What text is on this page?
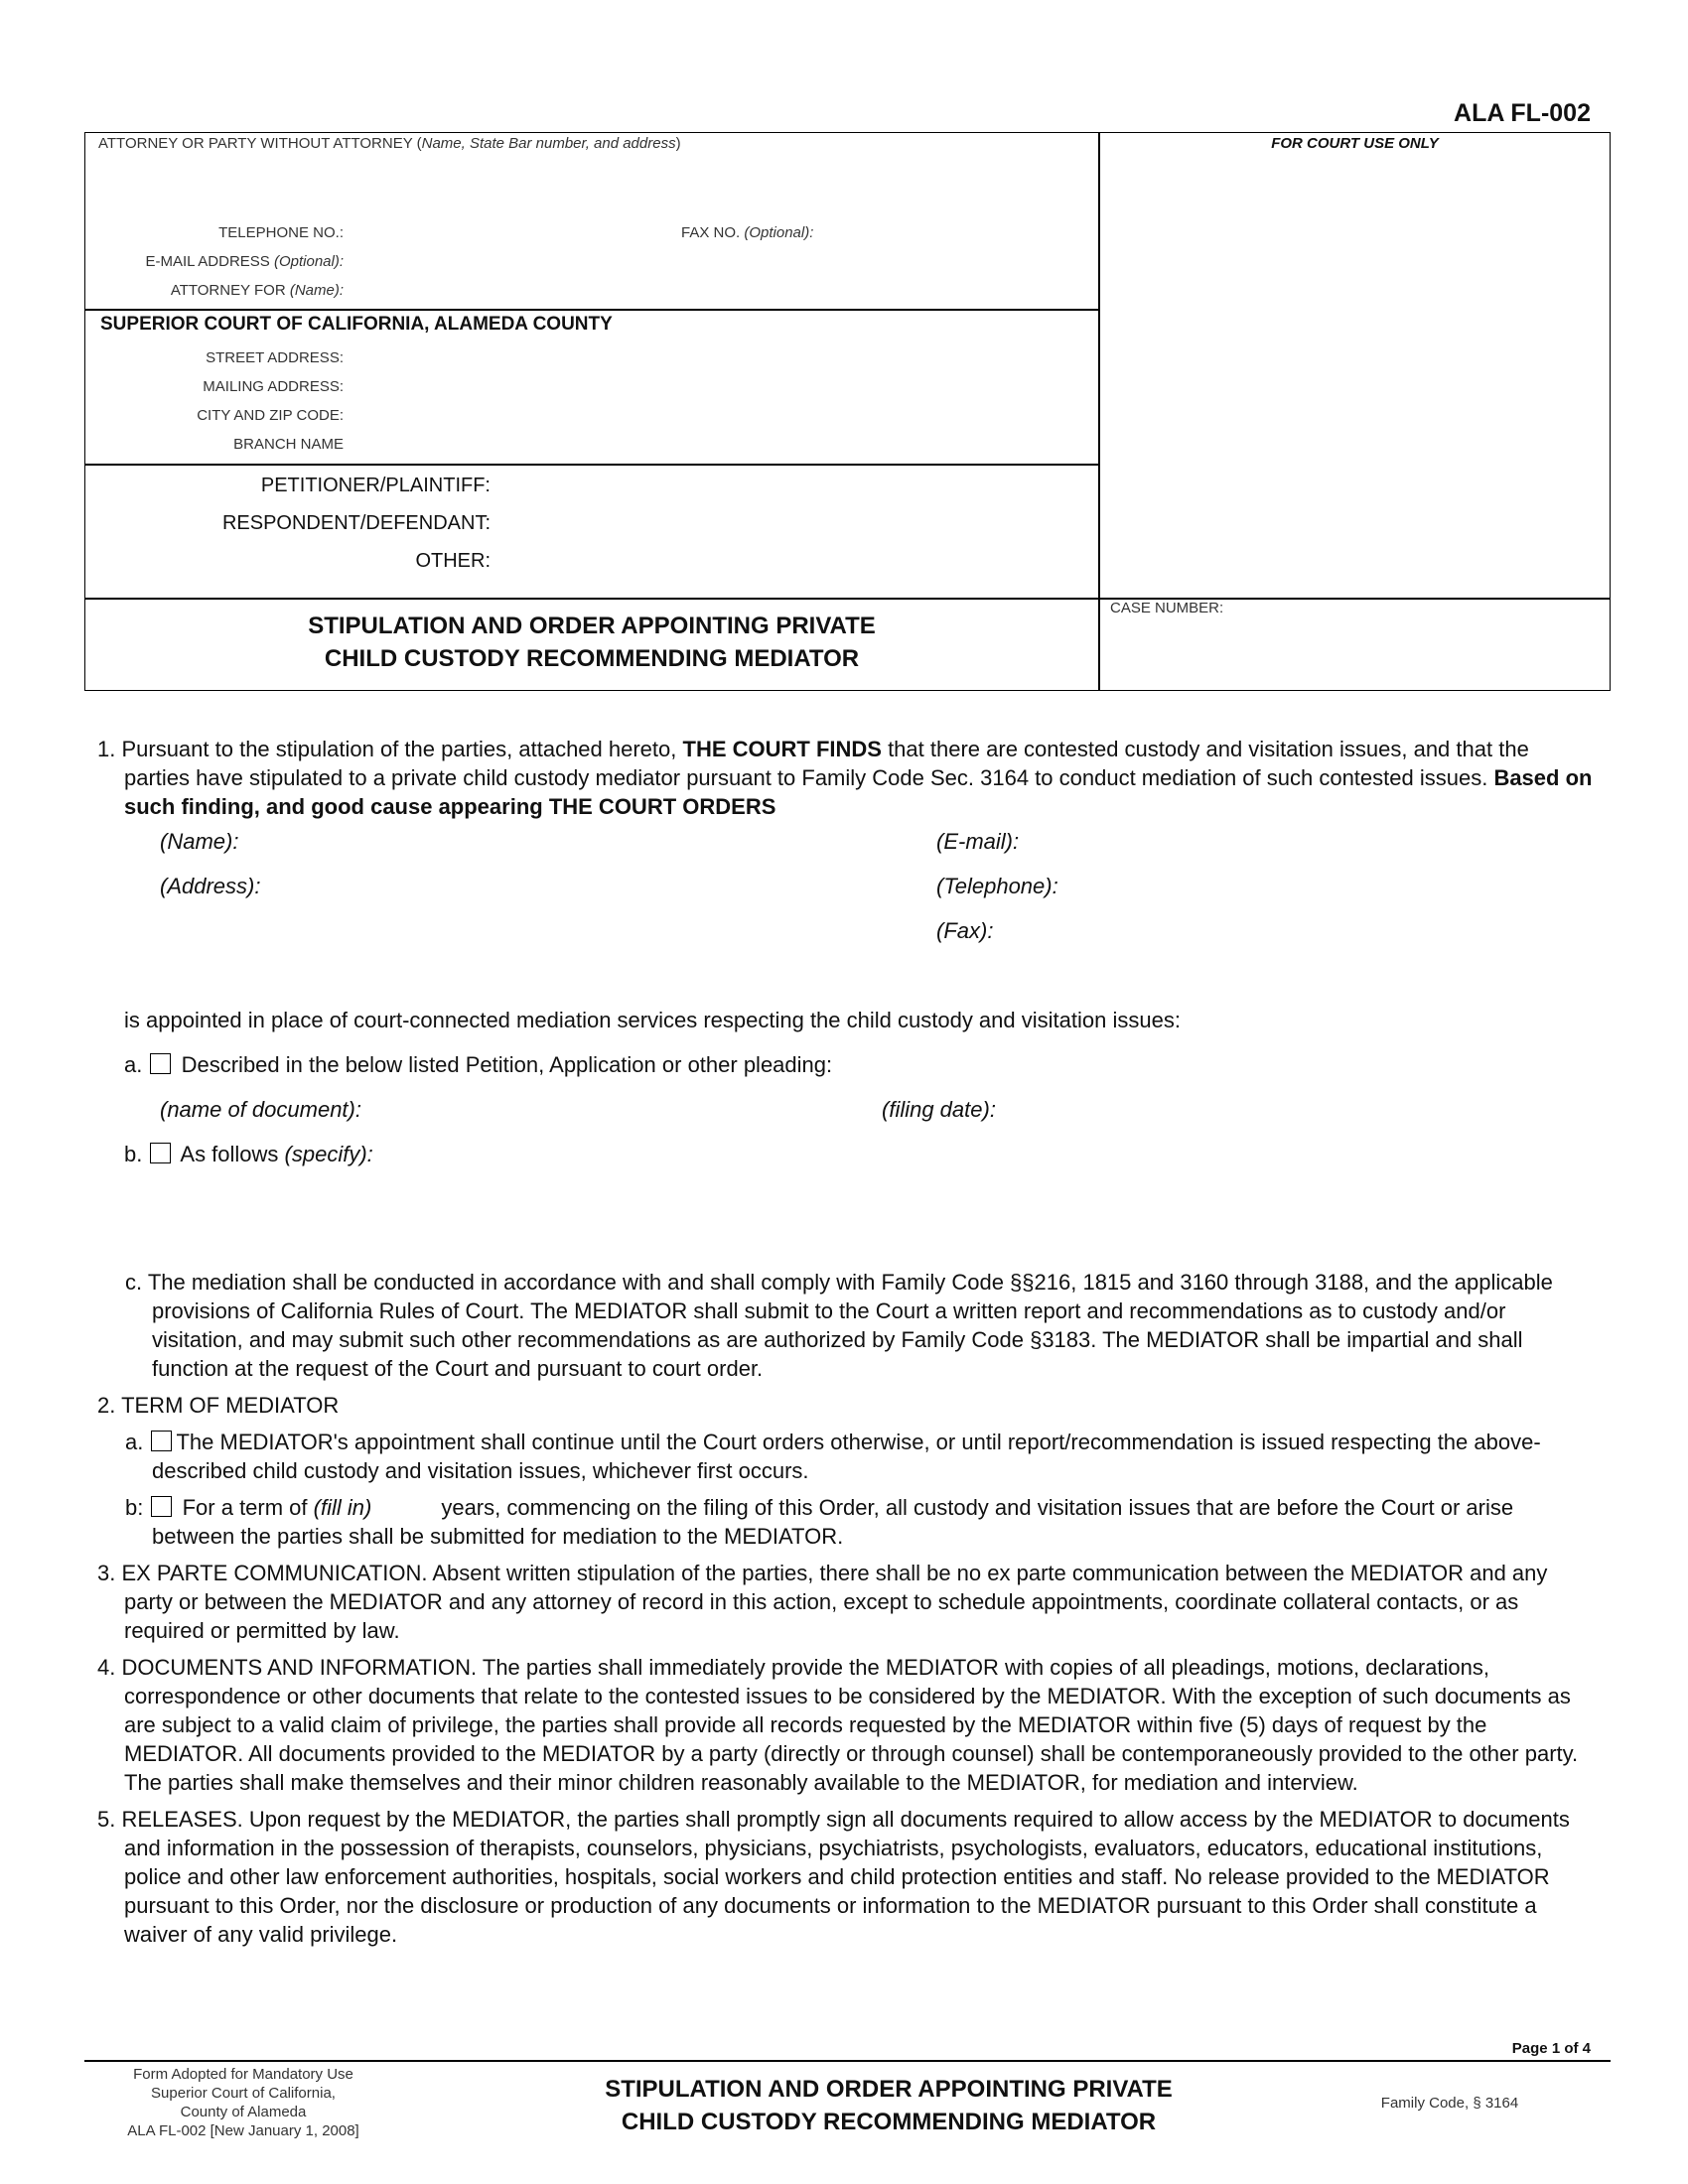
ALA FL-002
ATTORNEY OR PARTY WITHOUT ATTORNEY (Name, State Bar number, and address)
TELEPHONE NO.:	FAX NO. (Optional):
E-MAIL ADDRESS (Optional):
ATTORNEY FOR (Name):
SUPERIOR COURT OF CALIFORNIA, ALAMEDA COUNTY
STREET ADDRESS:
MAILING ADDRESS:
CITY AND ZIP CODE:
BRANCH NAME
PETITIONER/PLAINTIFF:
RESPONDENT/DEFENDANT:
OTHER:
STIPULATION AND ORDER APPOINTING PRIVATE
CHILD CUSTODY RECOMMENDING MEDIATOR
FOR COURT USE ONLY
CASE NUMBER:

1. Pursuant to the stipulation of the parties, attached hereto, THE COURT FINDS that there are contested custody and visitation issues, and that the parties have stipulated to a private child custody mediator pursuant to Family Code Sec. 3164 to conduct mediation of such contested issues. Based on such finding, and good cause appearing THE COURT ORDERS

(Name):	(E-mail):
(Address):	(Telephone):
(Fax):

is appointed in place of court-connected mediation services respecting the child custody and visitation issues:

a. Described in the below listed Petition, Application or other pleading:

(name of document):	(filing date):

b. As follows (specify):

c. The mediation shall be conducted in accordance with and shall comply with Family Code §§216, 1815 and 3160 through 3188, and the applicable provisions of California Rules of Court. The MEDIATOR shall submit to the Court a written report and recommendations as to custody and/or visitation, and may submit such other recommendations as are authorized by Family Code §3183. The MEDIATOR shall be impartial and shall function at the request of the Court and pursuant to court order.

2. TERM OF MEDIATOR

a. The MEDIATOR's appointment shall continue until the Court orders otherwise, or until report/recommendation is issued respecting the above-described child custody and visitation issues, whichever first occurs.

b: For a term of (fill in)	years, commencing on the filing of this Order, all custody and visitation issues that are before the Court or arise between the parties shall be submitted for mediation to the MEDIATOR.

3. EX PARTE COMMUNICATION. Absent written stipulation of the parties, there shall be no ex parte communication between the MEDIATOR and any party or between the MEDIATOR and any attorney of record in this action, except to schedule appointments, coordinate collateral contacts, or as required or permitted by law.

4. DOCUMENTS AND INFORMATION. The parties shall immediately provide the MEDIATOR with copies of all pleadings, motions, declarations, correspondence or other documents that relate to the contested issues to be considered by the MEDIATOR. With the exception of such documents as are subject to a valid claim of privilege, the parties shall provide all records requested by the MEDIATOR within five (5) days of request by the MEDIATOR. All documents provided to the MEDIATOR by a party (directly or through counsel) shall be contemporaneously provided to the other party. The parties shall make themselves and their minor children reasonably available to the MEDIATOR, for mediation and interview.

5. RELEASES. Upon request by the MEDIATOR, the parties shall promptly sign all documents required to allow access by the MEDIATOR to documents and information in the possession of therapists, counselors, physicians, psychiatrists, psychologists, evaluators, educators, educational institutions, police and other law enforcement authorities, hospitals, social workers and child protection entities and staff. No release provided to the MEDIATOR pursuant to this Order, nor the disclosure or production of any documents or information to the MEDIATOR pursuant to this Order shall constitute a waiver of any valid privilege.

Page 1 of 4
Form Adopted for Mandatory Use
Superior Court of California,
County of Alameda
ALA FL-002 [New January 1, 2008]
STIPULATION AND ORDER APPOINTING PRIVATE
CHILD CUSTODY RECOMMENDING MEDIATOR
Family Code, § 3164
